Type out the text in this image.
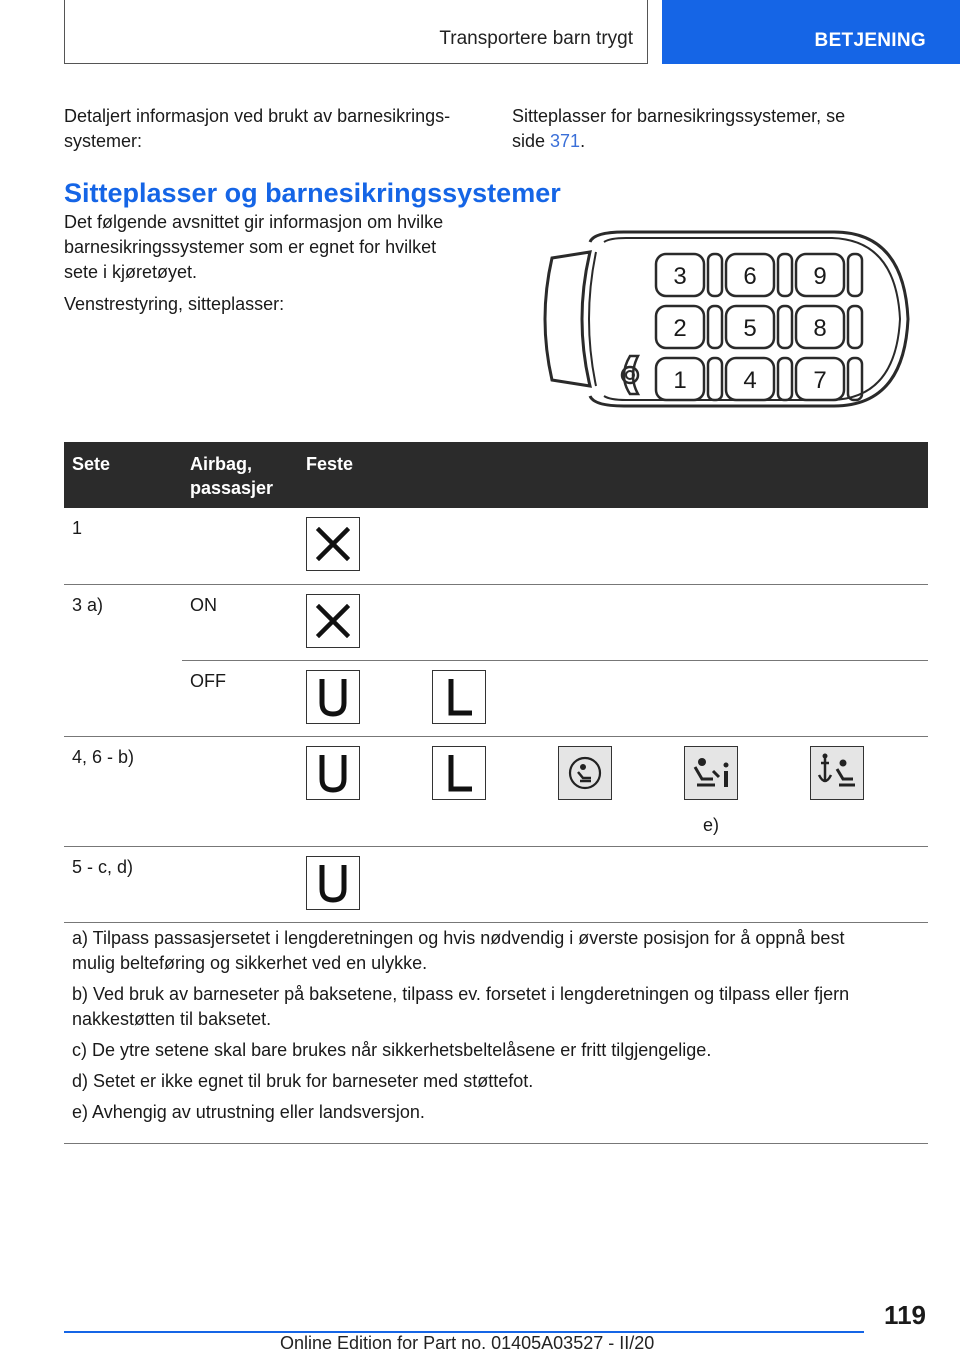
Transportere barn trygt	BETJENING

Detaljert informasjon ved brukt av barnesikrings-
systemer:

Sitteplasser for barnesikringssystemer, se
side 371.

Sitteplasser og barnesikringssystemer

Det følgende avsnittet gir informasjon om hvilke
barnesikringssystemer som er egnet for hvilket
sete i kjøretøyet.

Venstrestyring, sitteplasser:

3 6 9
2 5 8
1 4 7
Sete	Airbag,
passasjer	Feste
1		

3 a)	ON	

	OFF	

4, 6 - b)		e)

5 - c, d)		

a) Tilpass passasjersetet i lengderetningen og hvis nødvendig i øverste posisjon for å oppnå best
mulig belteføring og sikkerhet ved en ulykke.

b) Ved bruk av barneseter på baksetene, tilpass ev. forsetet i lengderetningen og tilpass eller fjern
nakkestøtten til baksetet.

c) De ytre setene skal bare brukes når sikkerhetsbeltelåsene er fritt tilgjengelige.

d) Setet er ikke egnet til bruk for barneseter med støttefot.

e) Avhengig av utrustning eller landsversjon.

119
Online Edition for Part no. 01405A03527 - II/20
